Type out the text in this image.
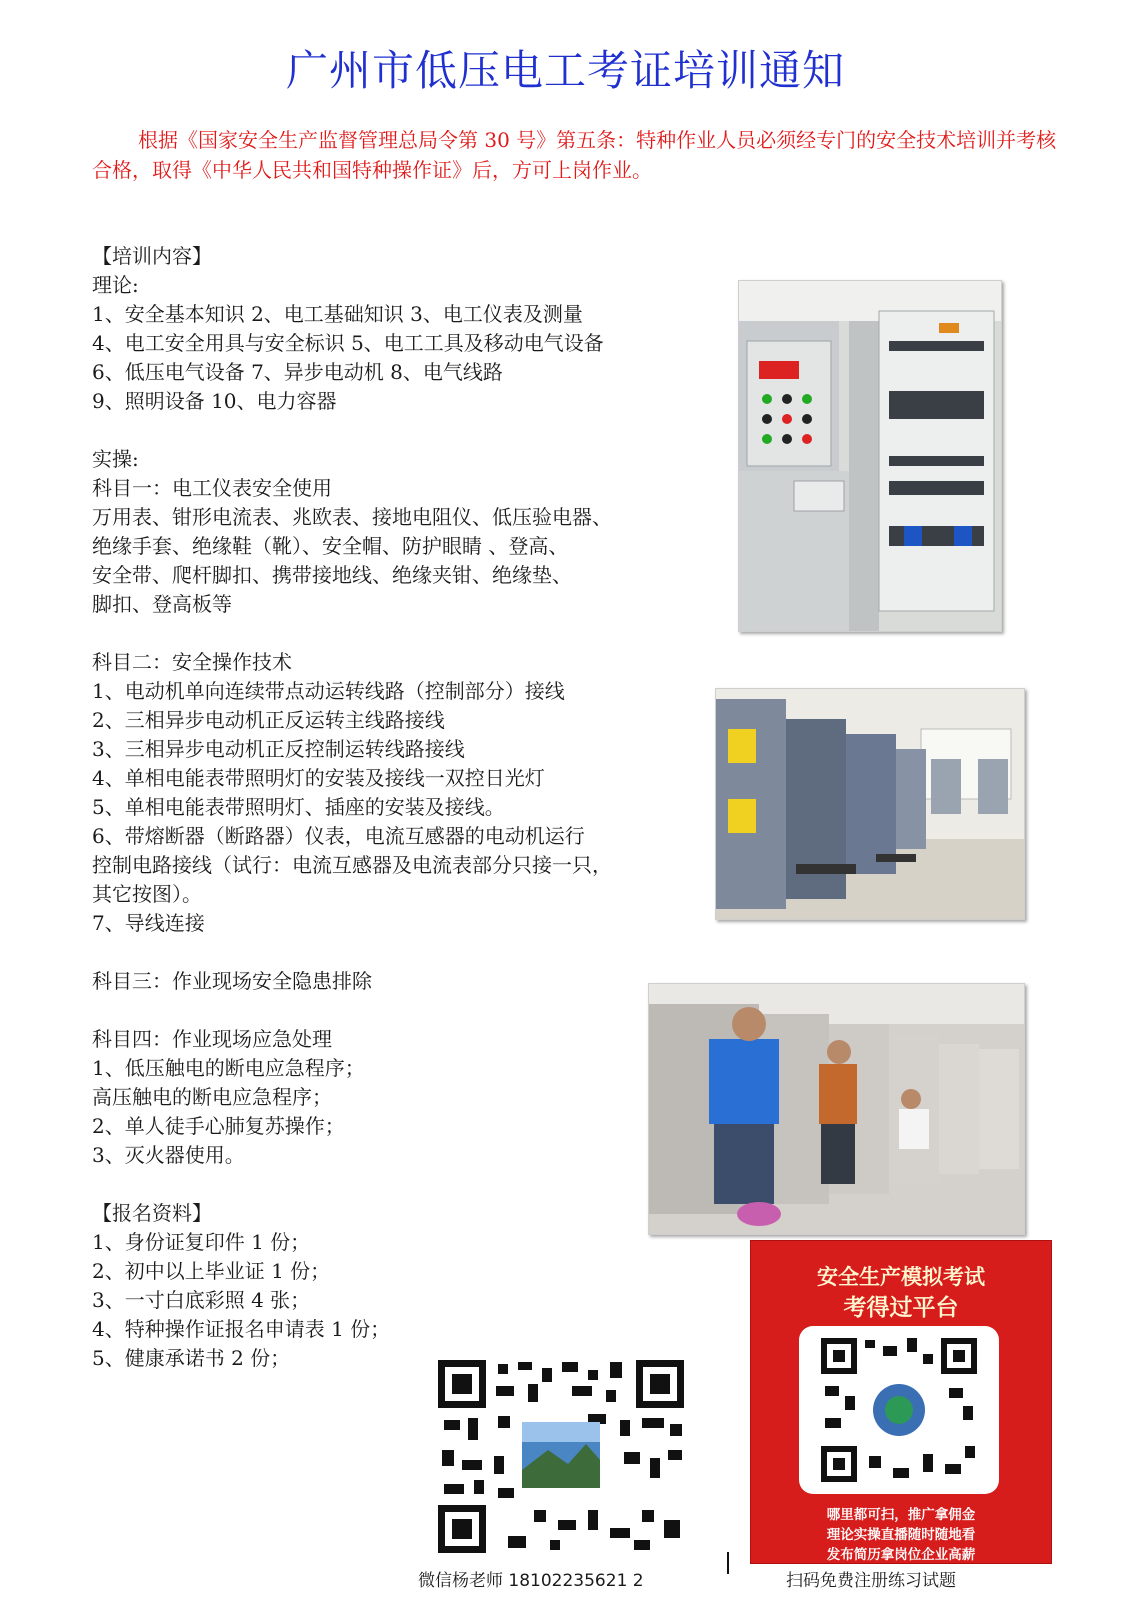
广州市低压电工考证培训通知
根据《国家安全生产监督管理总局令第 30 号》第五条：特种作业人员必须经专门的安全技术培训并考核合格，取得《中华人民共和国特种操作证》后，方可上岗作业。
【培训内容】
理论:
1、安全基本知识 2、电工基础知识 3、电工仪表及测量
4、电工安全用具与安全标识 5、电工工具及移动电气设备
6、低压电气设备 7、异步电动机 8、电气线路
9、照明设备 10、电力容器
实操:
科目一：电工仪表安全使用
万用表、钳形电流表、兆欧表、接地电阻仪、低压验电器、
绝缘手套、绝缘鞋（靴）、安全帽、防护眼睛 、登高、
安全带、爬杆脚扣、携带接地线、绝缘夹钳、绝缘垫、
脚扣、登高板等
科目二：安全操作技术
1、电动机单向连续带点动运转线路（控制部分）接线
2、三相异步电动机正反运转主线路接线
3、三相异步电动机正反控制运转线路接线
4、单相电能表带照明灯的安装及接线一双控日光灯
5、单相电能表带照明灯、插座的安装及接线。
6、带熔断器（断路器）仪表，电流互感器的电动机运行
控制电路接线（试行：电流互感器及电流表部分只接一只，
其它按图）。
7、导线连接
科目三：作业现场安全隐患排除
科目四：作业现场应急处理
1、低压触电的断电应急程序；
高压触电的断电应急程序；
2、单人徒手心肺复苏操作；
3、灭火器使用。
【报名资料】
1、身份证复印件 1 份；
2、初中以上毕业证 1 份；
3、一寸白底彩照 4 张；
4、特种操作证报名申请表 1 份；
5、健康承诺书 2 份；
微信杨老师 18102235621 2
安全生产模拟考试
考得过平台
哪里都可扫，推广拿佣金
理论实操直播随时随地看
发布简历拿岗位企业高薪
扫码免费注册练习试题
